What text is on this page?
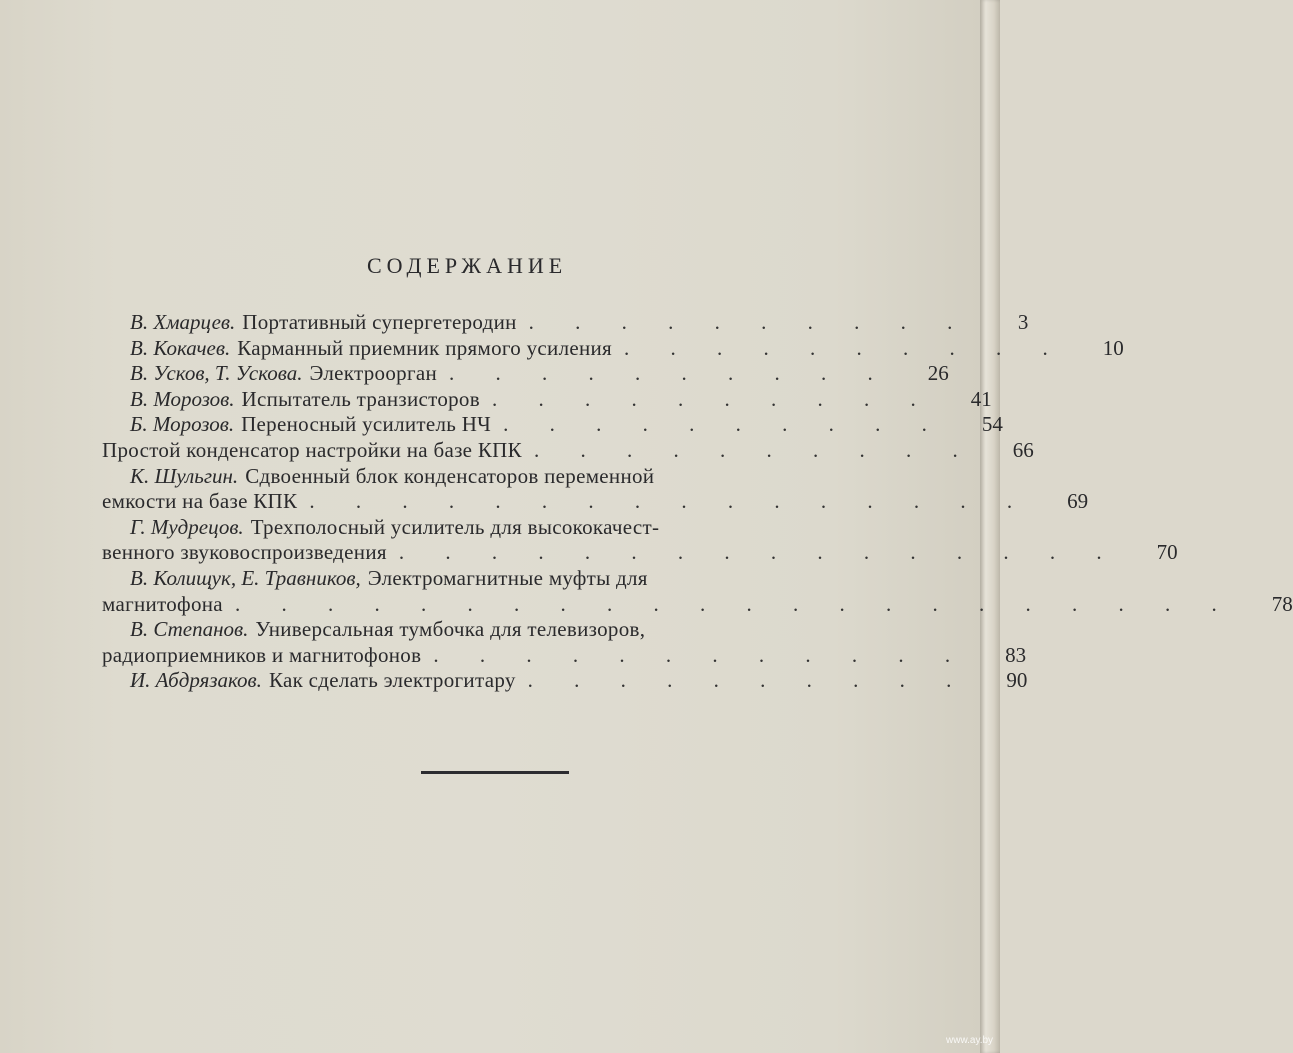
СОДЕРЖАНИЕ
В. Хмарцев. Портативный супергетеродин . . . . . . . . . .	3
В. Кокачев. Карманный приемник прямого усиления . . . . . . . . . .	10
В. Усков, Т. Ускова. Электроорган . . . . . . . . . .	26
В. Морозов. Испытатель транзисторов . . . . . . . . . .	41
Б. Морозов. Переносный усилитель НЧ . . . . . . . . . .	54
Простой конденсатор настройки на базе КПК . . . . . . . . . .	66
К. Шульгин. Сдвоенный блок конденсаторов переменной
емкости на базе КПК . . . . . . . . . . . . . . . .	69
Г. Мудрецов. Трехполосный усилитель для высококачест-
венного звуковоспроизведения . . . . . . . . . . . . . . . .	70
В. Колищук, Е. Травников, Электромагнитные муфты для
магнитофона . . . . . . . . . . . . . . . . . . . . . .	78
В. Степанов. Универсальная тумбочка для телевизоров,
радиоприемников и магнитофонов . . . . . . . . . . . .	83
И. Абдрязаков. Как сделать электрогитару . . . . . . . . . .	90
www.ay.by
